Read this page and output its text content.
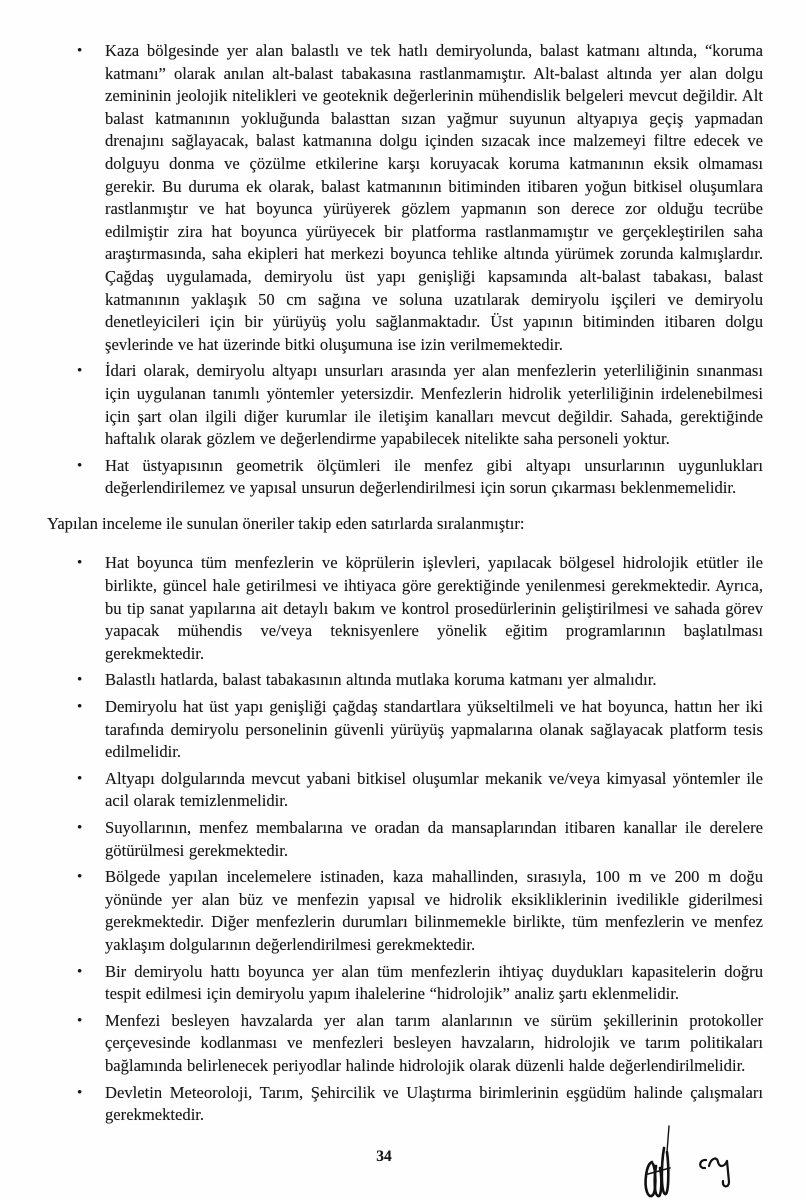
• Kaza bölgesinde yer alan balastlı ve tek hatlı demiryolunda, balast katmanı altında, “koruma katmanı” olarak anılan alt-balast tabakasına rastlanmamıştır. Alt-balast altında yer alan dolgu zemininin jeolojik nitelikleri ve geoteknik değerlerinin mühendislik belgeleri mevcut değildir. Alt balast katmanının yokluğunda balasttan sızan yağmur suyunun altyapıya geçiş yapmadan drenajını sağlayacak, balast katmanına dolgu içinden sızacak ince malzemeyi filtre edecek ve dolguyu donma ve çözülme etkilerine karşı koruyacak koruma katmanının eksik olmaması gerekir. Bu duruma ek olarak, balast katmanının bitiminden itibaren yoğun bitkisel oluşumlara rastlanmıştır ve hat boyunca yürüyerek gözlem yapmanın son derece zor olduğu tecrübe edilmiştir zira hat boyunca yürüyecek bir platforma rastlanmamıştır ve gerçekleştirilen saha araştırmasında, saha ekipleri hat merkezi boyunca tehlike altında yürümek zorunda kalmışlardır. Çağdaş uygulamada, demiryolu üst yapı genişliği kapsamında alt-balast tabakası, balast katmanının yaklaşık 50 cm sağına ve soluna uzatılarak demiryolu işçileri ve demiryolu denetleyicileri için bir yürüyüş yolu sağlanmaktadır. Üst yapının bitiminden itibaren dolgu şevlerinde ve hat üzerinde bitki oluşumuna ise izin verilmemektedir.
• İdari olarak, demiryolu altyapı unsurları arasında yer alan menfezlerin yeterliliğinin sınanması için uygulanan tanımlı yöntemler yetersizdir. Menfezlerin hidrolik yeterliliğinin irdelenebilmesi için şart olan ilgili diğer kurumlar ile iletişim kanalları mevcut değildir. Sahada, gerektiğinde haftalık olarak gözlem ve değerlendirme yapabilecek nitelikte saha personeli yoktur.
• Hat üstyapısının geometrik ölçümleri ile menfez gibi altyapı unsurlarının uygunlukları değerlendirilemez ve yapısal unsurun değerlendirilmesi için sorun çıkarması beklenmemelidir.

Yapılan inceleme ile sunulan öneriler takip eden satırlarda sıralanmıştır:

• Hat boyunca tüm menfezlerin ve köprülerin işlevleri, yapılacak bölgesel hidrolojik etütler ile birlikte, güncel hale getirilmesi ve ihtiyaca göre gerektiğinde yenilenmesi gerekmektedir. Ayrıca, bu tip sanat yapılarına ait detaylı bakım ve kontrol prosedürlerinin geliştirilmesi ve sahada görev yapacak mühendis ve/veya teknisyenlere yönelik eğitim programlarının başlatılması gerekmektedir.
• Balastlı hatlarda, balast tabakasının altında mutlaka koruma katmanı yer almalıdır.
• Demiryolu hat üst yapı genişliği çağdaş standartlara yükseltilmeli ve hat boyunca, hattın her iki tarafında demiryolu personelinin güvenli yürüyüş yapmalarına olanak sağlayacak platform tesis edilmelidir.
• Altyapı dolgularında mevcut yabani bitkisel oluşumlar mekanik ve/veya kimyasal yöntemler ile acil olarak temizlenmelidir.
• Suyollarının, menfez membalarına ve oradan da mansaplarından itibaren kanallar ile derelere götürülmesi gerekmektedir.
• Bölgede yapılan incelemelere istinaden, kaza mahallinden, sırasıyla, 100 m ve 200 m doğu yönünde yer alan büz ve menfezin yapısal ve hidrolik eksikliklerinin ivedilikle giderilmesi gerekmektedir. Diğer menfezlerin durumları bilinmemekle birlikte, tüm menfezlerin ve menfez yaklaşım dolgularının değerlendirilmesi gerekmektedir.
• Bir demiryolu hattı boyunca yer alan tüm menfezlerin ihtiyaç duydukları kapasitelerin doğru tespit edilmesi için demiryolu yapım ihalelerine “hidrolojik” analiz şartı eklenmelidir.
• Menfezi besleyen havzalarda yer alan tarım alanlarının ve sürüm şekillerinin protokoller çerçevesinde kodlanması ve menfezleri besleyen havzaların, hidrolojik ve tarım politikaları bağlamında belirlenecek periyodlar halinde hidrolojik olarak düzenli halde değerlendirilmelidir.
• Devletin Meteoroloji, Tarım, Şehircilik ve Ulaştırma birimlerinin eşgüdüm halinde çalışmaları gerekmektedir.
34
